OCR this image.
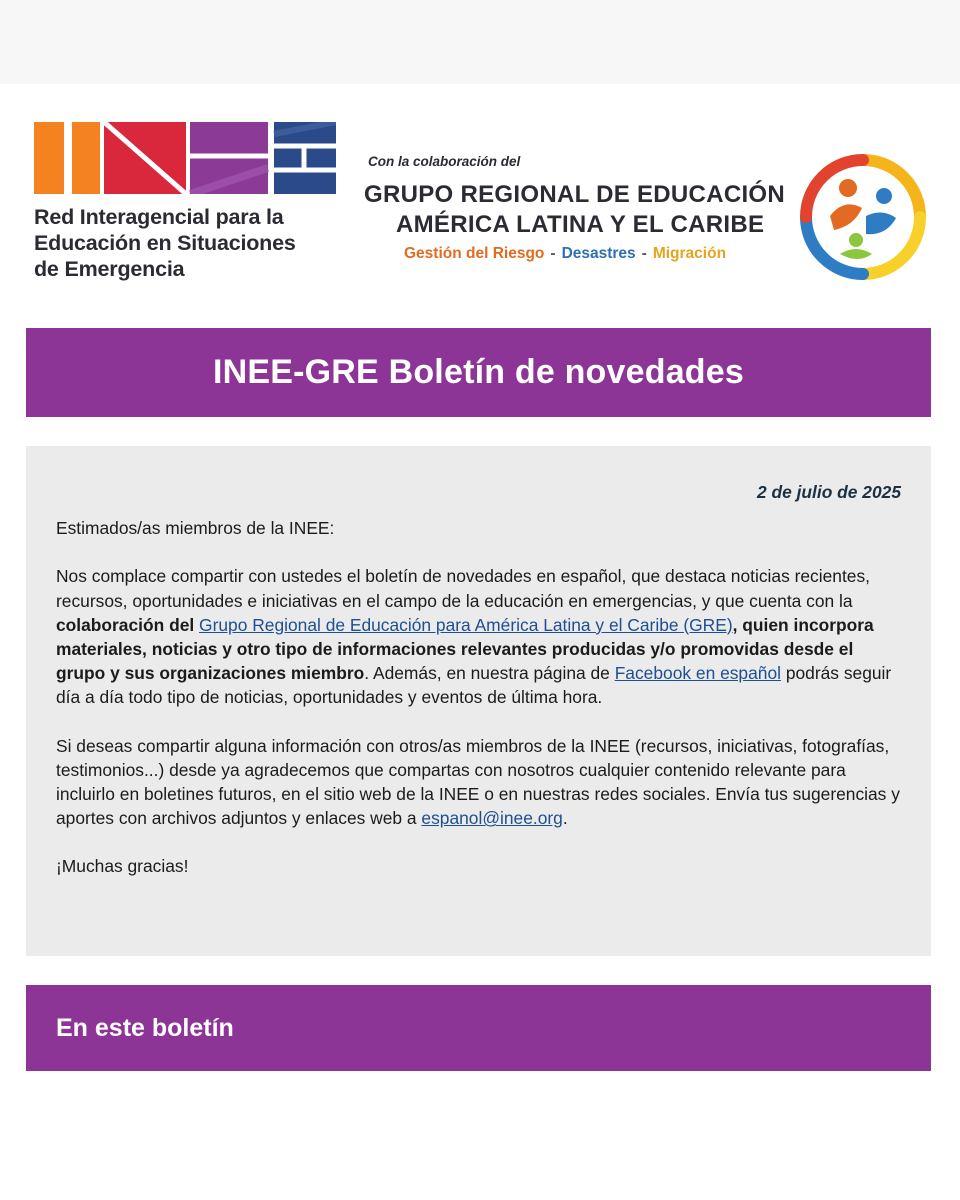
Red Interagencial para la
Educación en Situaciones
de Emergencia
Con la colaboración del
GRUPO REGIONAL DE EDUCACIÓN
AMÉRICA LATINA Y EL CARIBE
Gestión del Riesgo - Desastres - Migración
INEE-GRE Boletín de novedades
2 de julio de 2025

Estimados/as miembros de la INEE:

Nos complace compartir con ustedes el boletín de novedades en español, que destaca noticias recientes, recursos, oportunidades e iniciativas en el campo de la educación en emergencias, y que cuenta con la colaboración del Grupo Regional de Educación para América Latina y el Caribe (GRE), quien incorpora materiales, noticias y otro tipo de informaciones relevantes producidas y/o promovidas desde el grupo y sus organizaciones miembro. Además, en nuestra página de Facebook en español podrás seguir día a día todo tipo de noticias, oportunidades y eventos de última hora.

Si deseas compartir alguna información con otros/as miembros de la INEE (recursos, iniciativas, fotografías, testimonios...) desde ya agradecemos que compartas con nosotros cualquier contenido relevante para incluirlo en boletines futuros, en el sitio web de la INEE o en nuestras redes sociales. Envía tus sugerencias y aportes con archivos adjuntos y enlaces web a espanol@inee.org.

¡Muchas gracias!

En este boletín
